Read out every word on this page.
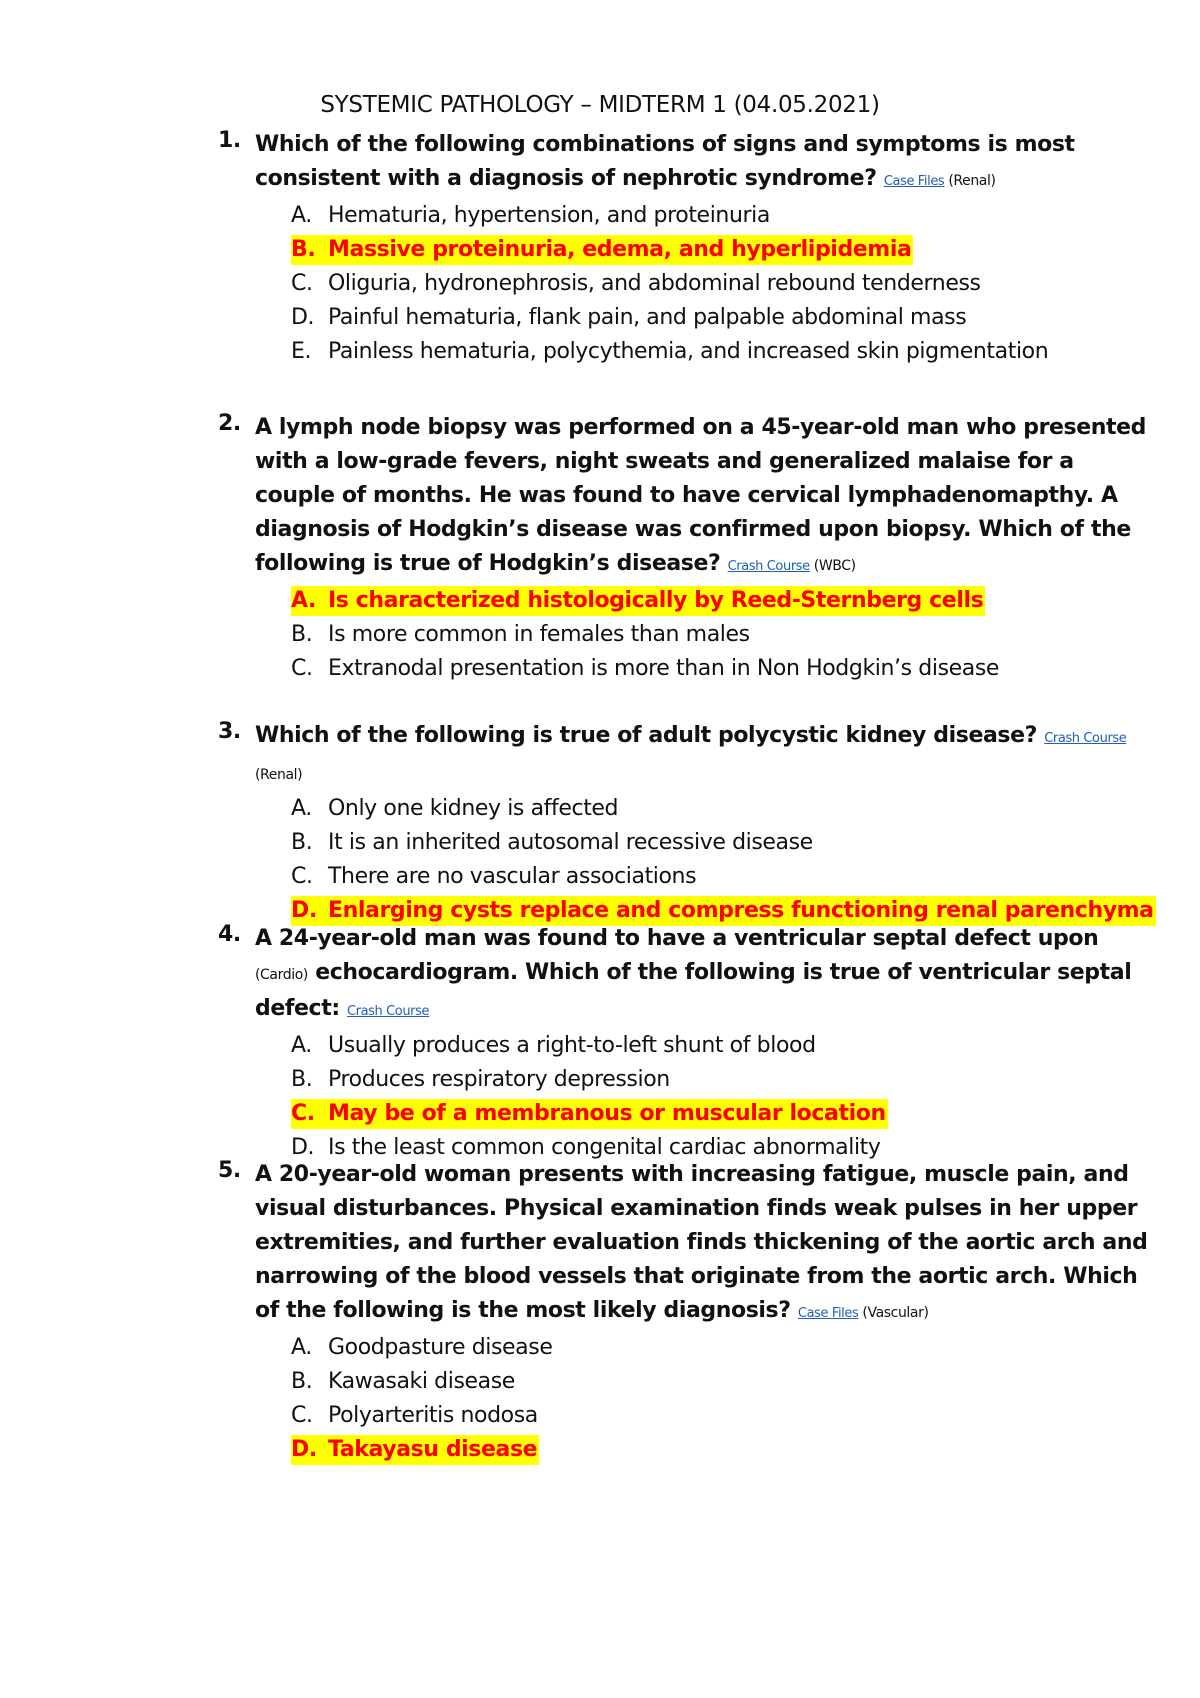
SYSTEMIC PATHOLOGY – MIDTERM 1 (04.05.2021)
1. Which of the following combinations of signs and symptoms is most consistent with a diagnosis of nephrotic syndrome? Case Files (Renal)
A. Hematuria, hypertension, and proteinuria
B. Massive proteinuria, edema, and hyperlipidemia
C. Oliguria, hydronephrosis, and abdominal rebound tenderness
D. Painful hematuria, flank pain, and palpable abdominal mass
E. Painless hematuria, polycythemia, and increased skin pigmentation
2. A lymph node biopsy was performed on a 45-year-old man who presented with a low-grade fevers, night sweats and generalized malaise for a couple of months. He was found to have cervical lymphadenomapthy. A diagnosis of Hodgkin’s disease was confirmed upon biopsy. Which of the following is true of Hodgkin’s disease? Crash Course (WBC)
A. Is characterized histologically by Reed-Sternberg cells
B. Is more common in females than males
C. Extranodal presentation is more than in Non Hodgkin’s disease
3. Which of the following is true of adult polycystic kidney disease? Crash Course (Renal)
A. Only one kidney is affected
B. It is an inherited autosomal recessive disease
C. There are no vascular associations
D. Enlarging cysts replace and compress functioning renal parenchyma
4. A 24-year-old man was found to have a ventricular septal defect upon (Cardio) echocardiogram. Which of the following is true of ventricular septal defect: Crash Course
A. Usually produces a right-to-left shunt of blood
B. Produces respiratory depression
C. May be of a membranous or muscular location
D. Is the least common congenital cardiac abnormality
5. A 20-year-old woman presents with increasing fatigue, muscle pain, and visual disturbances. Physical examination finds weak pulses in her upper extremities, and further evaluation finds thickening of the aortic arch and narrowing of the blood vessels that originate from the aortic arch. Which of the following is the most likely diagnosis? Case Files (Vascular)
A. Goodpasture disease
B. Kawasaki disease
C. Polyarteritis nodosa
D. Takayasu disease
